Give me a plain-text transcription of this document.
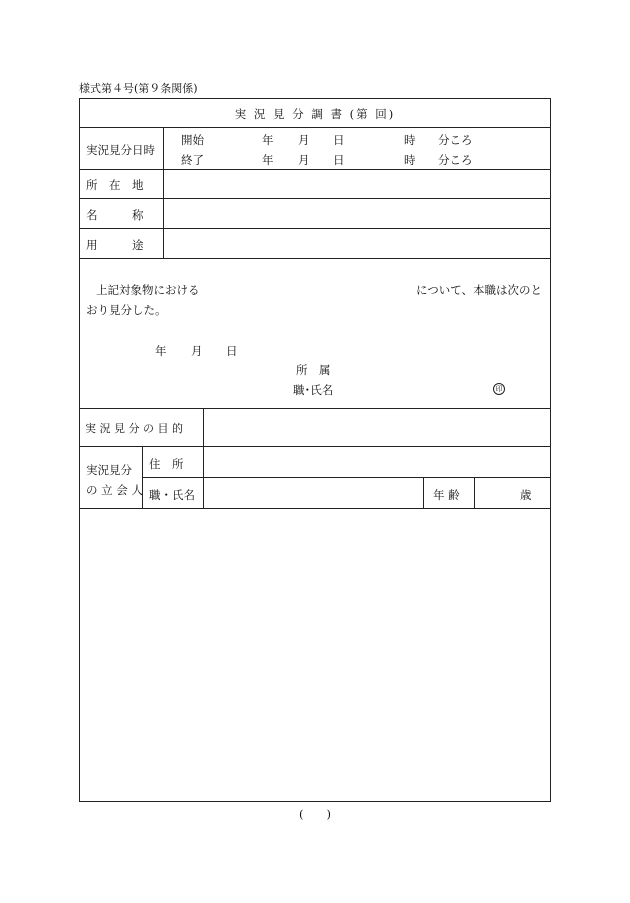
様式第４号(第９条関係)
実 況 見 分 調 書 (第 回)
実況見分日時
開始	年 月 日	時 分ころ
終了	年 月 日	時 分ころ
所　在　地
名　　　称
用　　　途
上記対象物における	について、本職は次のと
おり見分した。
年 月 日
所　属
職･氏名	印
実 況 見 分 の 目 的
実況見分
の 立 会 人
住　所
職・氏名	年 齢	歳
(　　)
